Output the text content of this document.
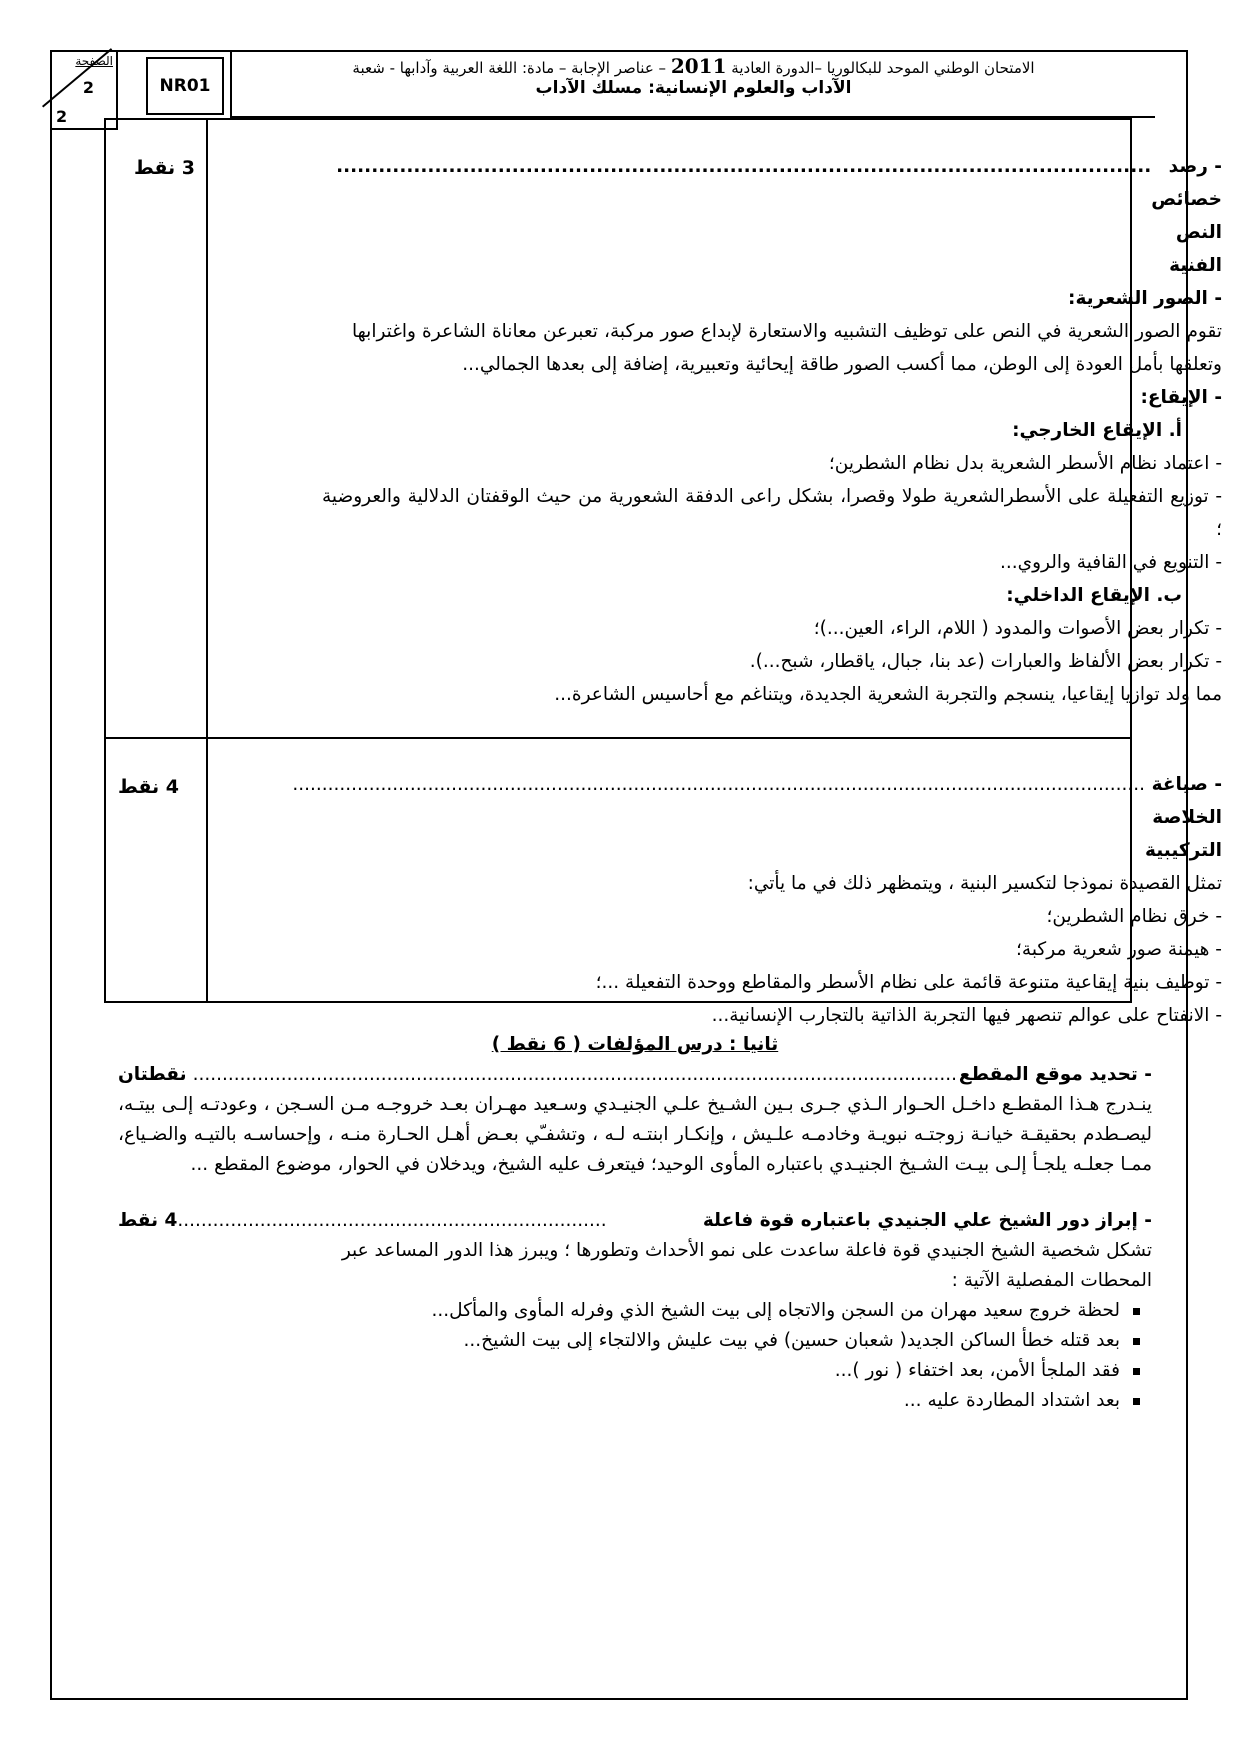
الامتحان الوطني الموحد للبكالوريا –الدورة العادية 2011 – عناصر الإجابة – مادة: اللغة العربية وآدابها - شعبة
الآداب والعلوم الإنسانية: مسلك الآداب
NR01
الصفحة
2
2
3 نقط	- رصد خصائص النص الفنية
....................................................................................................................

- الصور الشعرية:

تقوم الصور الشعرية في النص على توظيف التشبيه والاستعارة لإبداع صور مركبة، تعبرعن معاناة الشاعرة واغترابها وتعلقها بأمل العودة إلى الوطن، مما أكسب الصور طاقة إيحائية وتعبيرية، إضافة إلى بعدها الجمالي...

- الإيقاع:

أ. الإيقاع الخارجي:

- اعتماد نظام الأسطر الشعرية بدل نظام الشطرين؛

- توزيع التفعيلة على الأسطرالشعرية طولا وقصرا، بشكل راعى الدفقة الشعورية من حيث الوقفتان الدلالية والعروضية ؛

- التنويع في القافية والروي...

ب. الإيقاع الداخلي:

- تكرار بعض الأصوات والمدود ( اللام، الراء، العين...)؛

- تكرار بعض الألفاظ والعبارات (عد بنا، جبال، ياقطار، شبح...).

مما ولد توازيا إيقاعيا، ينسجم والتجربة الشعرية الجديدة، ويتناغم مع أحاسيس الشاعرة...

4 نقط	- صياغة الخلاصة التركيبية
.................................................................................................................................................

تمثل القصيدة نموذجا لتكسير البنية ، ويتمظهر ذلك في ما يأتي:

- خرق نظام الشطرين؛

- هيمنة صور شعرية مركبة؛

- توظيف بنية إيقاعية متنوعة قائمة على نظام الأسطر والمقاطع ووحدة التفعيلة ...؛

- الانفتاح على عوالم تنصهر فيها التجربة الذاتية بالتجارب الإنسانية...

ثانيا : درس المؤلفات ( 6 نقط )

- تحديد موقع المقطع
..................................................................................................................................
نقطتان

ينـدرج هـذا المقطـع داخـل الحـوار الـذي جـرى بـين الشـيخ علـي الجنيـدي وسـعيد مهـران بعـد خروجـه مـن السـجن ، وعودتـه إلـى بيتـه، ليصـطدم بحقيقـة خيانـة زوجتـه نبويـة وخادمـه علـيش ، وإنكـار ابنتـه لـه ، وتشفـّي بعـض أهـل الحـارة منـه ، وإحساسـه بالتيـه والضـياع، ممـا جعلـه يلجـأ إلـى بيـت الشـيخ الجنيـدي باعتباره المأوى الوحيد؛ فيتعرف عليه الشيخ، ويدخلان في الحوار، موضوع المقطع ...

- إبراز دور الشيخ علي الجنيدي باعتباره قوة فاعلة
.........................................................................
4 نقط

تشكل شخصية الشيخ الجنيدي قوة فاعلة ساعدت على نمو الأحداث وتطورها ؛ ويبرز هذا الدور المساعد عبر المحطات المفصلية الآتية :

لحظة خروج سعيد مهران من السجن والاتجاه إلى بيت الشيخ الذي وفرله المأوى والمأكل...
بعد قتله خطأ الساكن الجديد( شعبان حسين) في بيت عليش والالتجاء إلى بيت الشيخ...
فقد الملجأ الأمن، بعد اختفاء ( نور )...
بعد اشتداد المطاردة عليه ...
